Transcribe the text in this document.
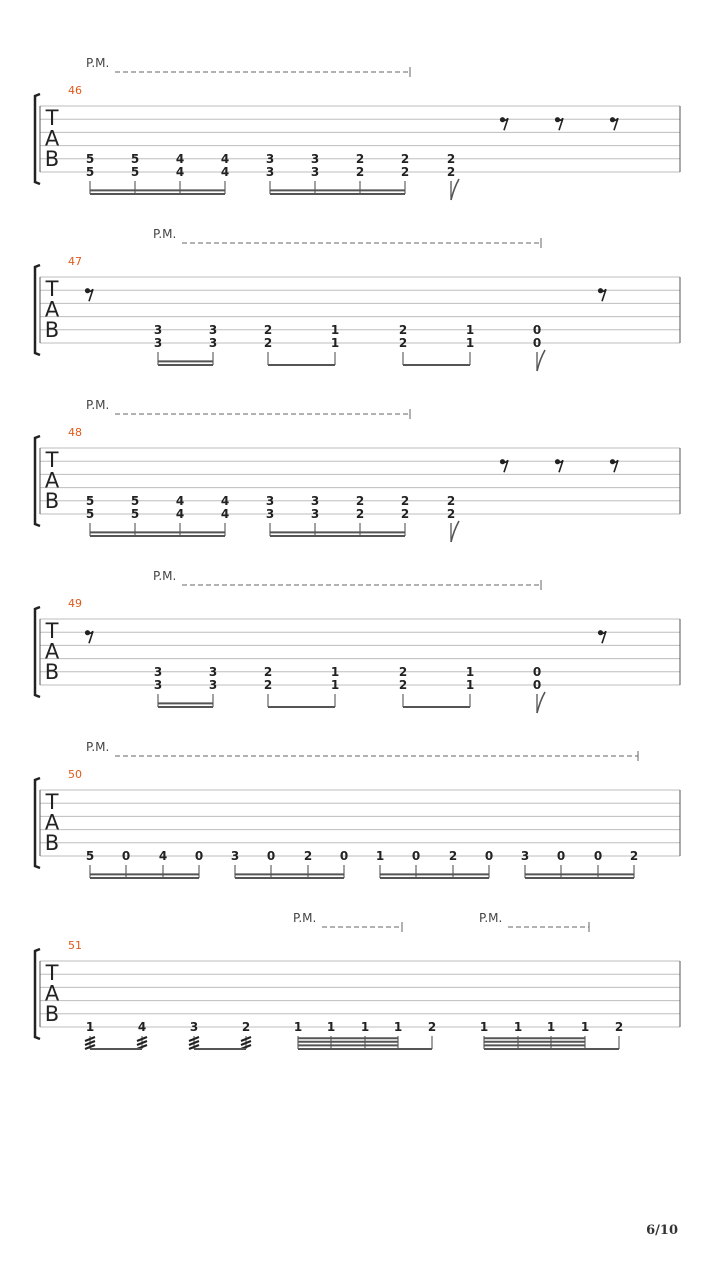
T
A
B
46
P.M.
5
5
5
5
4
4
4
4
3
3
3
3
2
2
2
2
2
2
T
A
B
47
P.M.
3
3
3
3
2
2
1
1
2
2
1
1
0
0
T
A
B
48
P.M.
5
5
5
5
4
4
4
4
3
3
3
3
2
2
2
2
2
2
T
A
B
49
P.M.
3
3
3
3
2
2
1
1
2
2
1
1
0
0
T
A
B
50
P.M.
5 0 4 0 3 0 2 0 1 0 2 0 3 0 0 2
T
A
B
51
P.M.	P.M.
1	4	3	2	1 1 1 1 2	1 1 1 1 2
6/10
